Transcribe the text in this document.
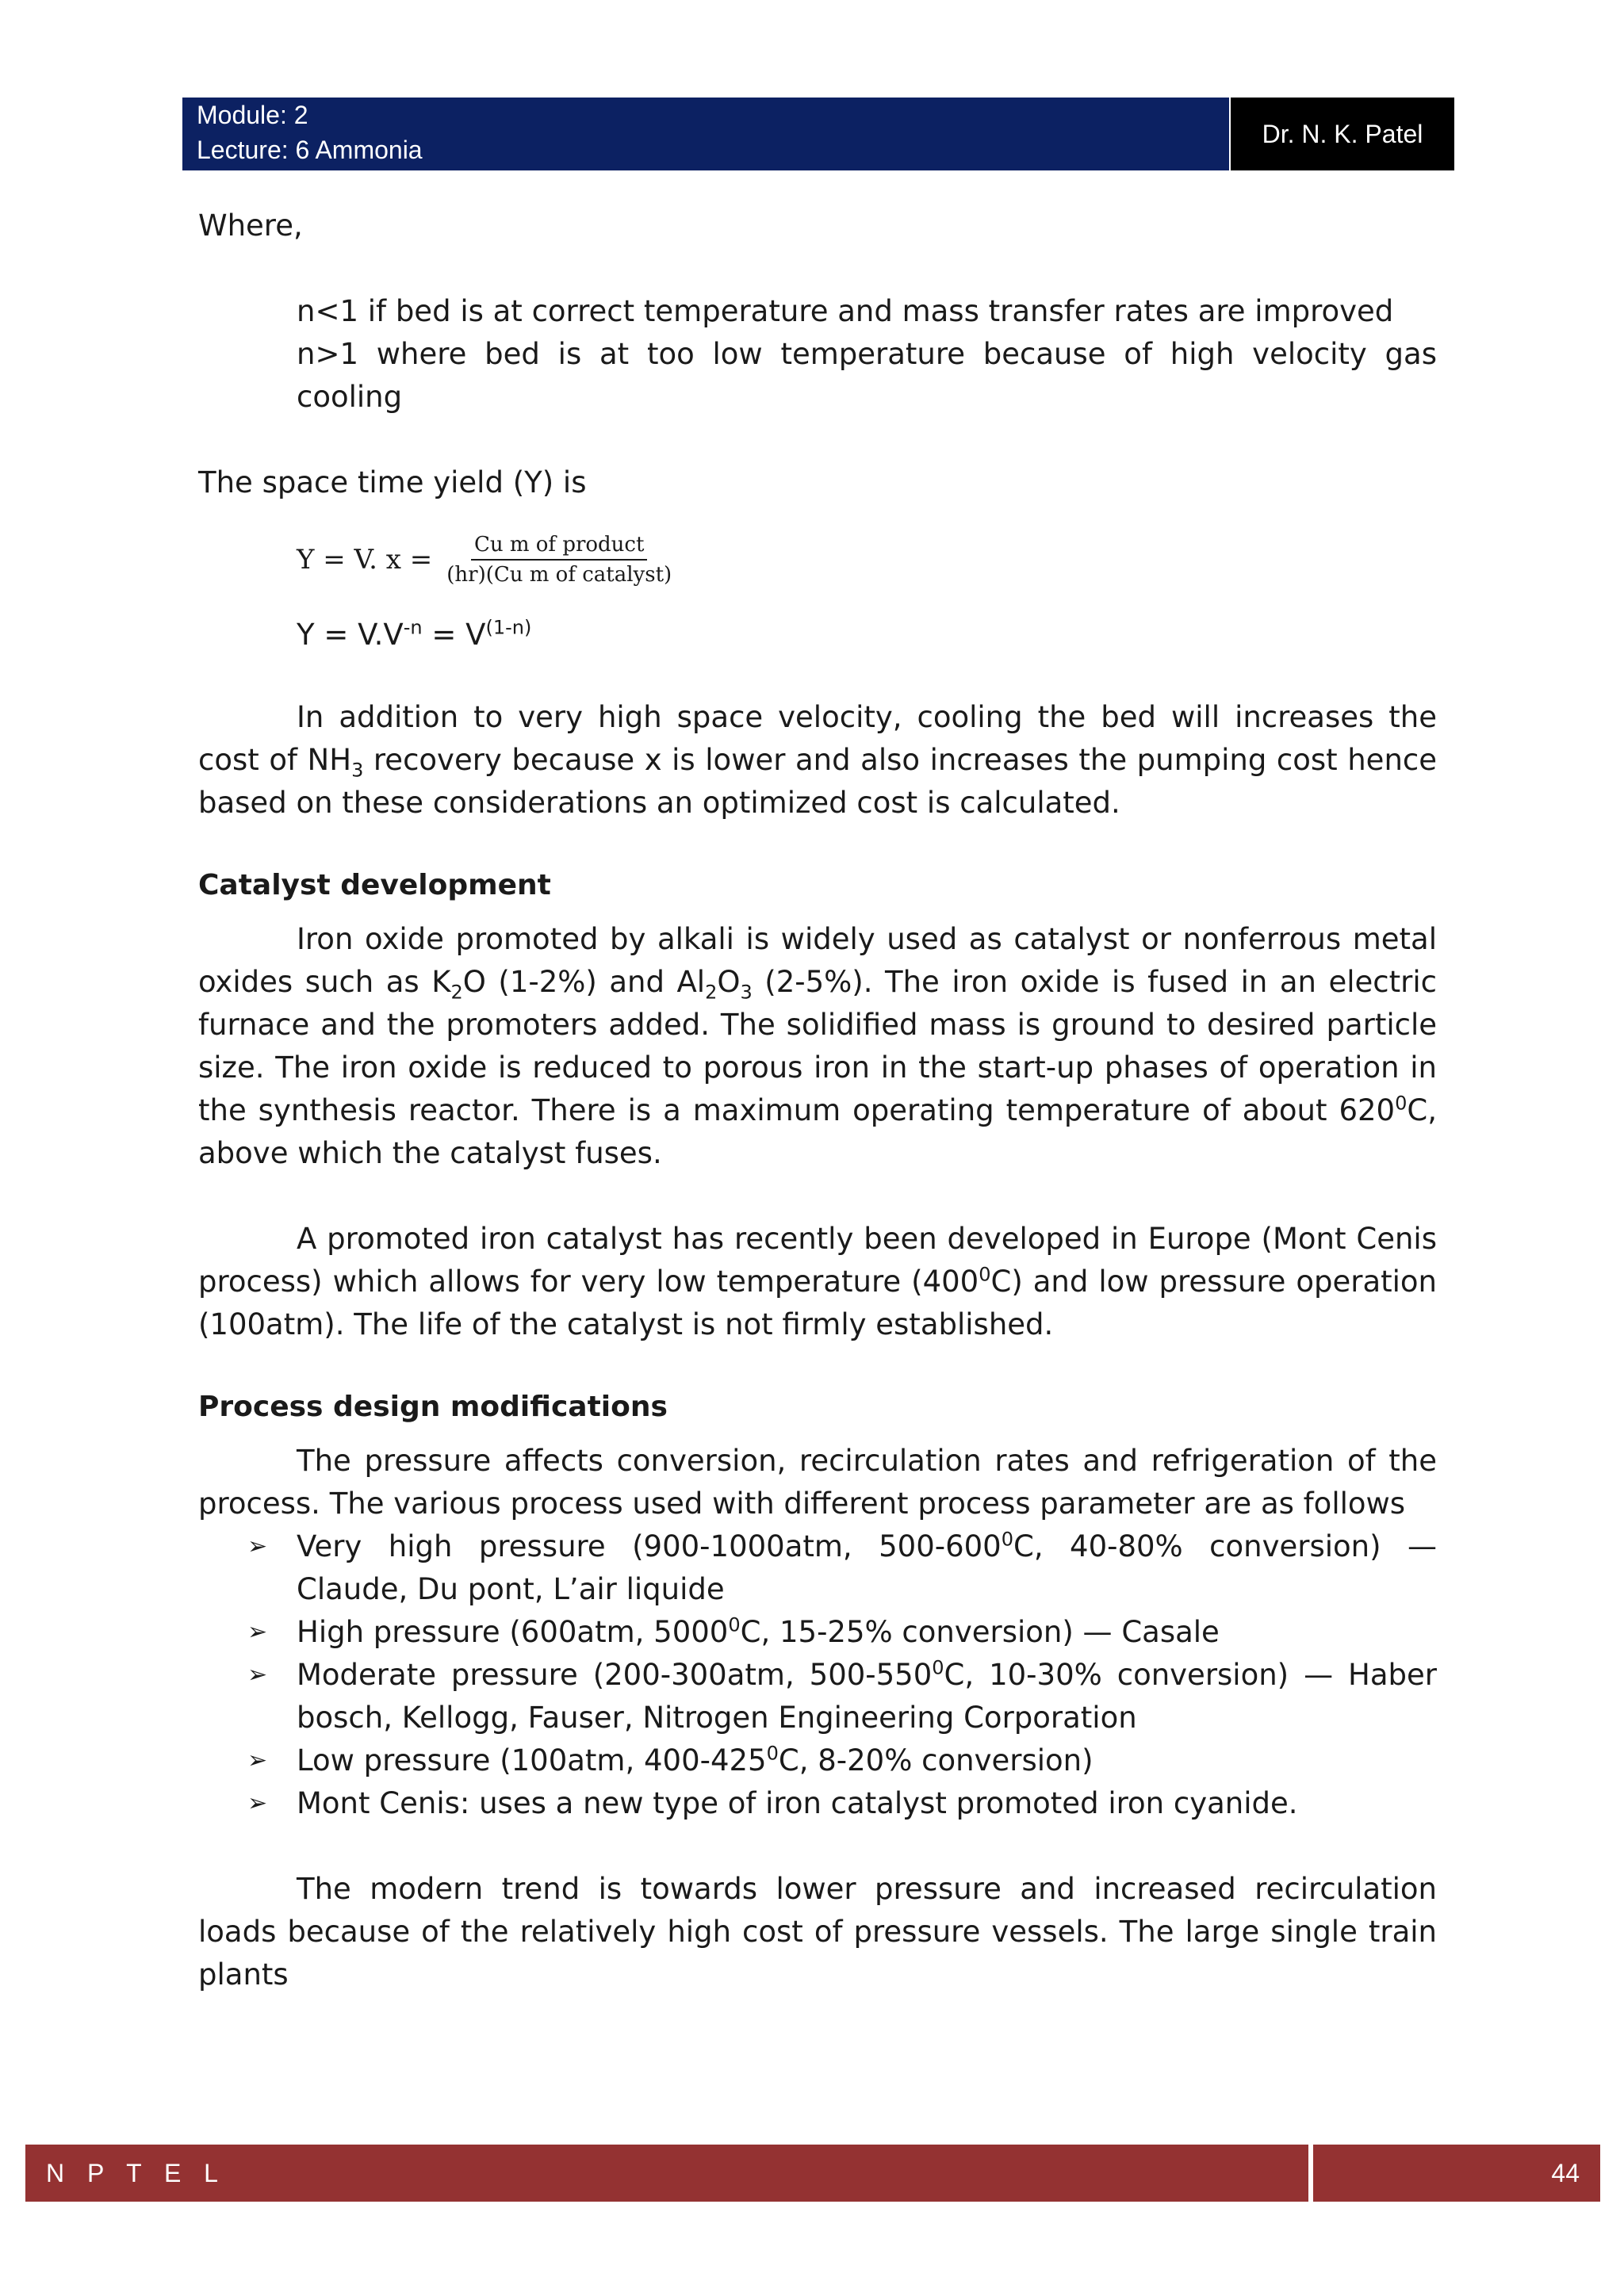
Module: 2
Lecture: 6 Ammonia
Dr. N. K. Patel

Where,

n<1 if bed is at correct temperature and mass transfer rates are improved

n>1 where bed is at too low temperature because of high velocity gas cooling

The space time yield (Y) is

Y = V. $x = \frac{\text{Cu m of product}}{\text{(hr)(Cu m of catalyst)}}$

$Y = V.V^{-n} = V^{(1-n)}$

In addition to very high space velocity, cooling the bed will increases the cost of $NH_3$ recovery because x is lower and also increases the pumping cost hence based on these considerations an optimized cost is calculated.

Catalyst development

Iron oxide promoted by alkali is widely used as catalyst or nonferrous metal oxides such as $K_2O$ (1-2%) and $Al_2O_3$ (2-5%). The iron oxide is fused in an electric furnace and the promoters added. The solidified mass is ground to desired particle size. The iron oxide is reduced to porous iron in the start-up phases of operation in the synthesis reactor. There is a maximum operating temperature of about $620^0C$, above which the catalyst fuses.

A promoted iron catalyst has recently been developed in Europe (Mont Cenis process) which allows for very low temperature $(400^0C)$ and low pressure operation (100atm). The life of the catalyst is not firmly established.

Process design modifications

The pressure affects conversion, recirculation rates and refrigeration of the process. The various process used with different process parameter are as follows

➢ Very high pressure (900-1000atm, $500-600^0C$, 40-80% conversion) — Claude, Du pont, L’air liquide
➢ High pressure (600atm, 5000$^0$C, 15-25% conversion) — Casale
➢ Moderate pressure (200-300atm, $500-550^0C$, 10-30% conversion) — Haber bosch, Kellogg, Fauser, Nitrogen Engineering Corporation
➢ Low pressure (100atm, $400-425^0C$, 8-20% conversion)
➢ Mont Cenis: uses a new type of iron catalyst promoted iron cyanide.

The modern trend is towards lower pressure and increased recirculation loads because of the relatively high cost of pressure vessels. The large single train plants

N P T E L	44
